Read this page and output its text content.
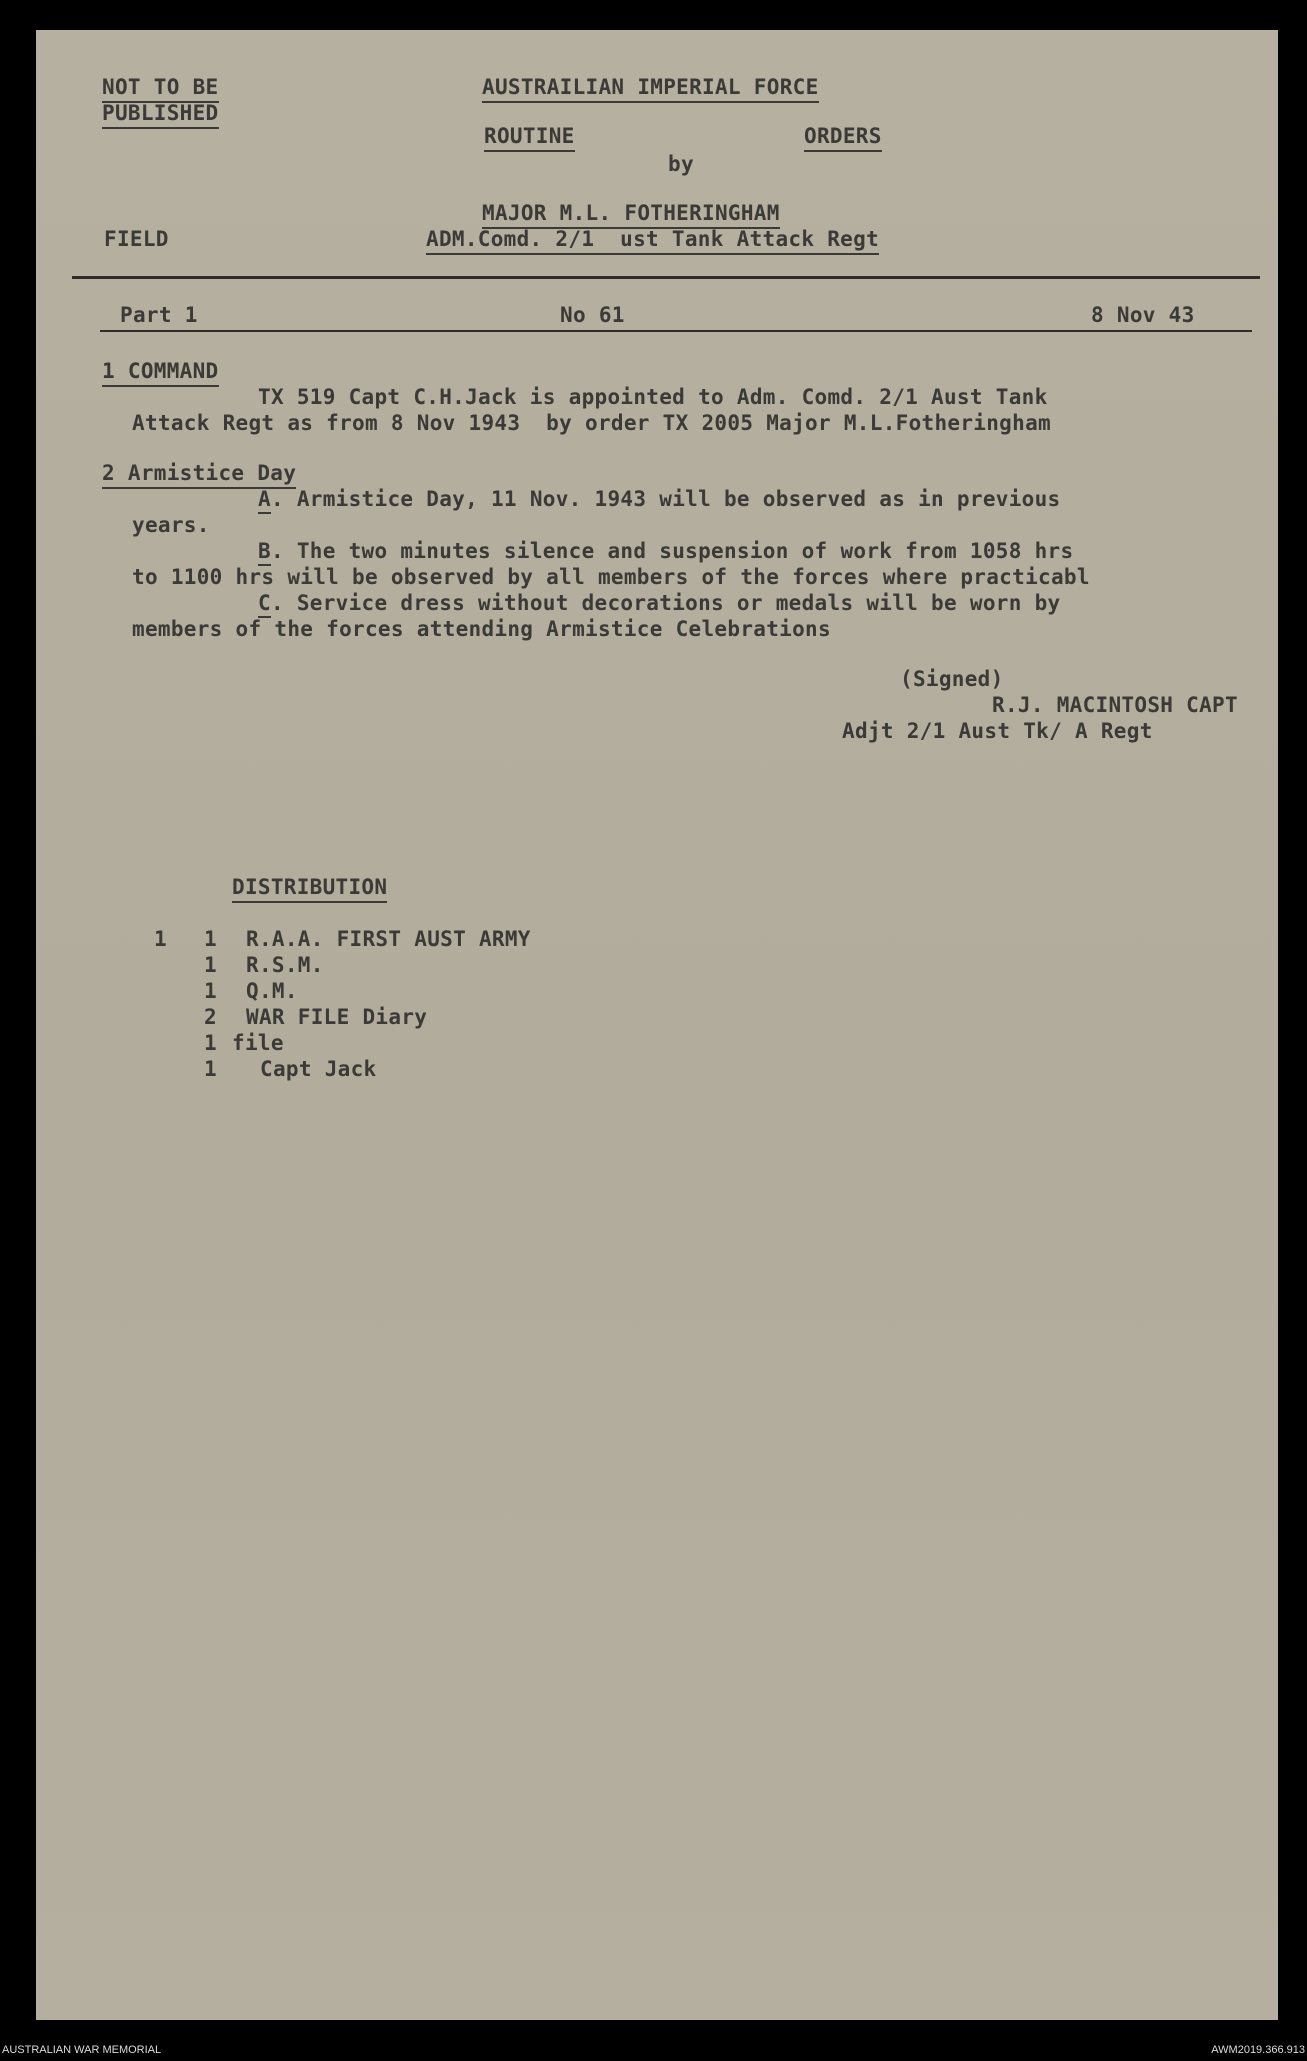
NOT TO BE
PUBLISHED
AUSTRAILIAN IMPERIAL FORCE
ROUTINE	ORDERS
by
MAJOR M.L. FOTHERINGHAM
ADM.Comd. 2/1  ust Tank Attack Regt
FIELD
Part 1	No 61	8 Nov 43
1 COMMAND
TX 519 Capt C.H.Jack is appointed to Adm. Comd. 2/1 Aust Tank
Attack Regt as from 8 Nov 1943  by order TX 2005 Major M.L.Fotheringham
2 Armistice Day
A. Armistice Day, 11 Nov. 1943 will be observed as in previous
years.
B. The two minutes silence and suspension of work from 1058 hrs
to 1100 hrs will be observed by all members of the forces where practicabl
C. Service dress without decorations or medals will be worn by
members of the forces attending Armistice Celebrations
(Signed)
R.J. MACINTOSH CAPT
Adjt 2/1 Aust Tk/ A Regt
DISTRIBUTION
1 1 R.A.A. FIRST AUST ARMY
1 R.S.M.
1 Q.M.
2 WAR FILE Diary
1 file
1 Capt Jack
AUSTRALIAN WAR MEMORIAL	AWM2019.366.913
